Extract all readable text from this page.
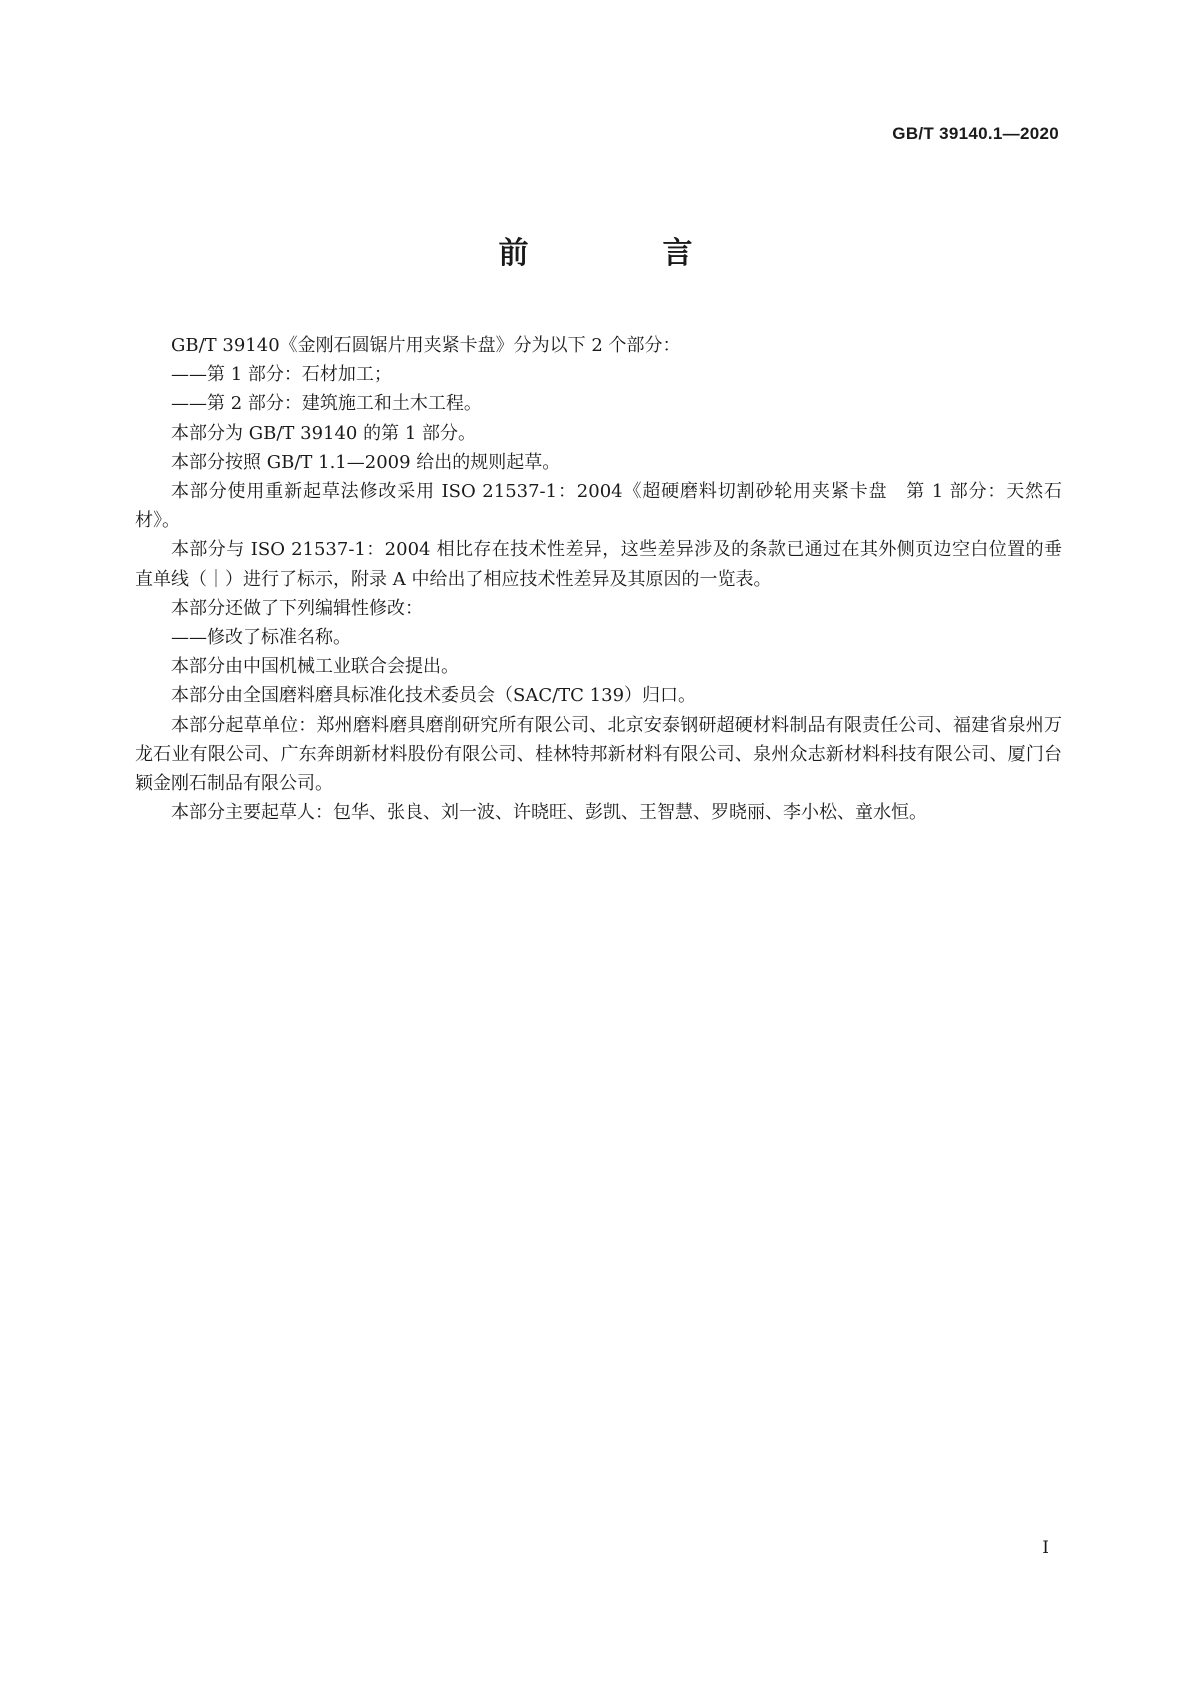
GB/T 39140.1—2020
前　言

GB/T 39140《金刚石圆锯片用夹紧卡盘》分为以下 2 个部分：

——第 1 部分：石材加工；

——第 2 部分：建筑施工和土木工程。

本部分为 GB/T 39140 的第 1 部分。

本部分按照 GB/T 1.1—2009 给出的规则起草。

本部分使用重新起草法修改采用 ISO 21537-1：2004《超硬磨料切割砂轮用夹紧卡盘　第 1 部分：天然石材》。

本部分与 ISO 21537-1：2004 相比存在技术性差异，这些差异涉及的条款已通过在其外侧页边空白位置的垂直单线（｜）进行了标示，附录 A 中给出了相应技术性差异及其原因的一览表。

本部分还做了下列编辑性修改：

——修改了标准名称。

本部分由中国机械工业联合会提出。

本部分由全国磨料磨具标准化技术委员会（SAC/TC 139）归口。

本部分起草单位：郑州磨料磨具磨削研究所有限公司、北京安泰钢研超硬材料制品有限责任公司、福建省泉州万龙石业有限公司、广东奔朗新材料股份有限公司、桂林特邦新材料有限公司、泉州众志新材料科技有限公司、厦门台颖金刚石制品有限公司。

本部分主要起草人：包华、张良、刘一波、许晓旺、彭凯、王智慧、罗晓丽、李小松、童水恒。

I
